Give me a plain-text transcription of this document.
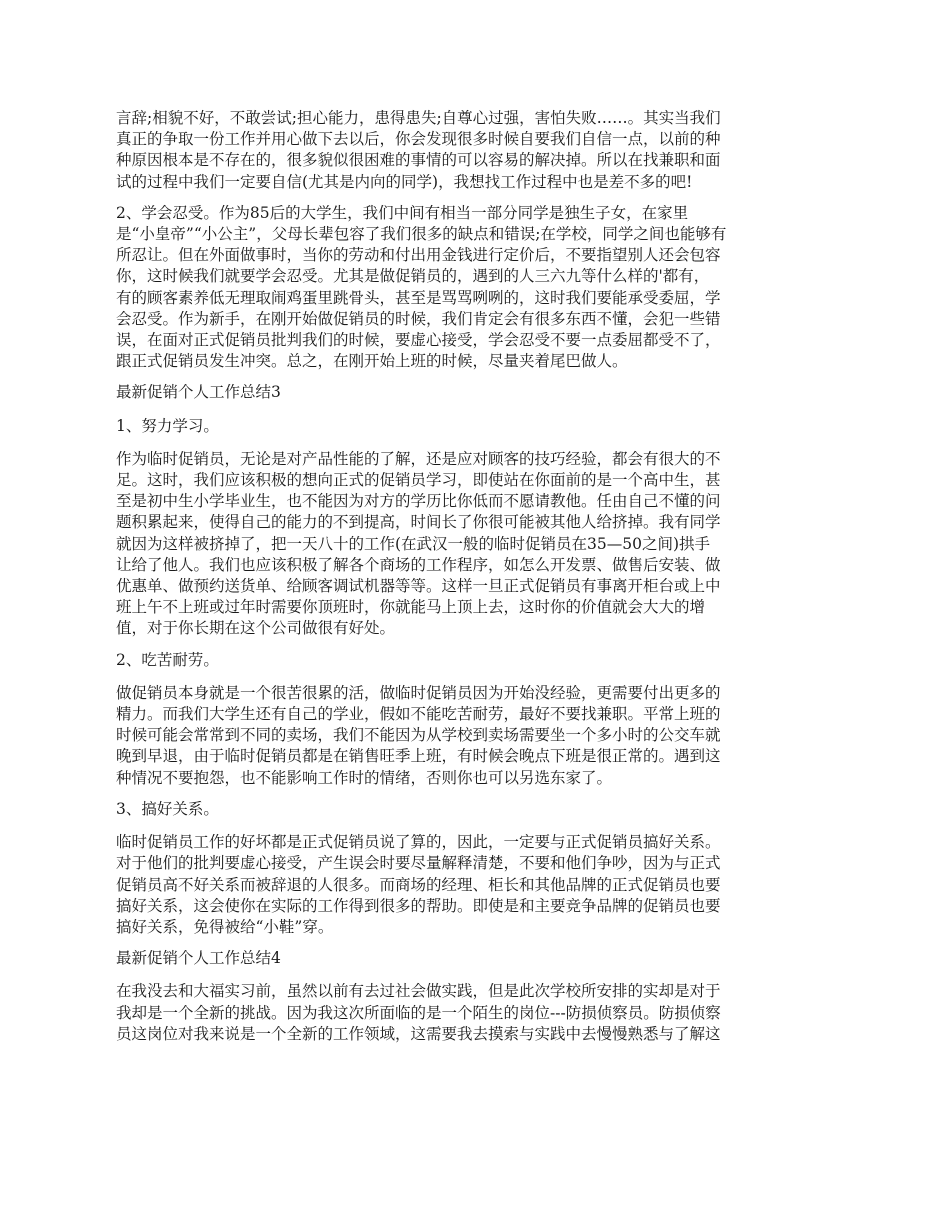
言辞;相貌不好，不敢尝试;担心能力，患得患失;自尊心过强，害怕失败……。其实当我们
真正的争取一份工作并用心做下去以后，你会发现很多时候自要我们自信一点，以前的种
种原因根本是不存在的，很多貌似很困难的事情的可以容易的解决掉。所以在找兼职和面
试的过程中我们一定要自信(尤其是内向的同学)，我想找工作过程中也是差不多的吧!

2、学会忍受。作为85后的大学生，我们中间有相当一部分同学是独生子女，在家里
是“小皇帝”“小公主”，父母长辈包容了我们很多的缺点和错误;在学校，同学之间也能够有
所忍让。但在外面做事时，当你的劳动和付出用金钱进行定价后，不要指望别人还会包容
你，这时候我们就要学会忍受。尤其是做促销员的，遇到的人三六九等什么样的'都有，
有的顾客素养低无理取闹鸡蛋里跳骨头，甚至是骂骂咧咧的，这时我们要能承受委屈，学
会忍受。作为新手，在刚开始做促销员的时候，我们肯定会有很多东西不懂，会犯一些错
误，在面对正式促销员批判我们的时候，要虚心接受，学会忍受不要一点委屈都受不了，
跟正式促销员发生冲突。总之，在刚开始上班的时候，尽量夹着尾巴做人。

最新促销个人工作总结3

1、努力学习。

作为临时促销员，无论是对产品性能的了解，还是应对顾客的技巧经验，都会有很大的不
足。这时，我们应该积极的想向正式的促销员学习，即使站在你面前的是一个高中生，甚
至是初中生小学毕业生，也不能因为对方的学历比你低而不愿请教他。任由自己不懂的问
题积累起来，使得自己的能力的不到提高，时间长了你很可能被其他人给挤掉。我有同学
就因为这样被挤掉了，把一天八十的工作(在武汉一般的临时促销员在35—50之间)拱手
让给了他人。我们也应该积极了解各个商场的工作程序，如怎么开发票、做售后安装、做
优惠单、做预约送货单、给顾客调试机器等等。这样一旦正式促销员有事离开柜台或上中
班上午不上班或过年时需要你顶班时，你就能马上顶上去，这时你的价值就会大大的增
值，对于你长期在这个公司做很有好处。

2、吃苦耐劳。

做促销员本身就是一个很苦很累的活，做临时促销员因为开始没经验，更需要付出更多的
精力。而我们大学生还有自己的学业，假如不能吃苦耐劳，最好不要找兼职。平常上班的
时候可能会常常到不同的卖场，我们不能因为从学校到卖场需要坐一个多小时的公交车就
晚到早退，由于临时促销员都是在销售旺季上班，有时候会晚点下班是很正常的。遇到这
种情况不要抱怨，也不能影响工作时的情绪，否则你也可以另选东家了。

3、搞好关系。

临时促销员工作的好坏都是正式促销员说了算的，因此，一定要与正式促销员搞好关系。
对于他们的批判要虚心接受，产生误会时要尽量解释清楚，不要和他们争吵，因为与正式
促销员高不好关系而被辞退的人很多。而商场的经理、柜长和其他品牌的正式促销员也要
搞好关系，这会使你在实际的工作得到很多的帮助。即使是和主要竞争品牌的促销员也要
搞好关系，免得被给“小鞋”穿。

最新促销个人工作总结4

在我没去和大福实习前，虽然以前有去过社会做实践，但是此次学校所安排的实却是对于
我却是一个全新的挑战。因为我这次所面临的是一个陌生的岗位---防损侦察员。防损侦察
员这岗位对我来说是一个全新的工作领域，这需要我去摸索与实践中去慢慢熟悉与了解这
